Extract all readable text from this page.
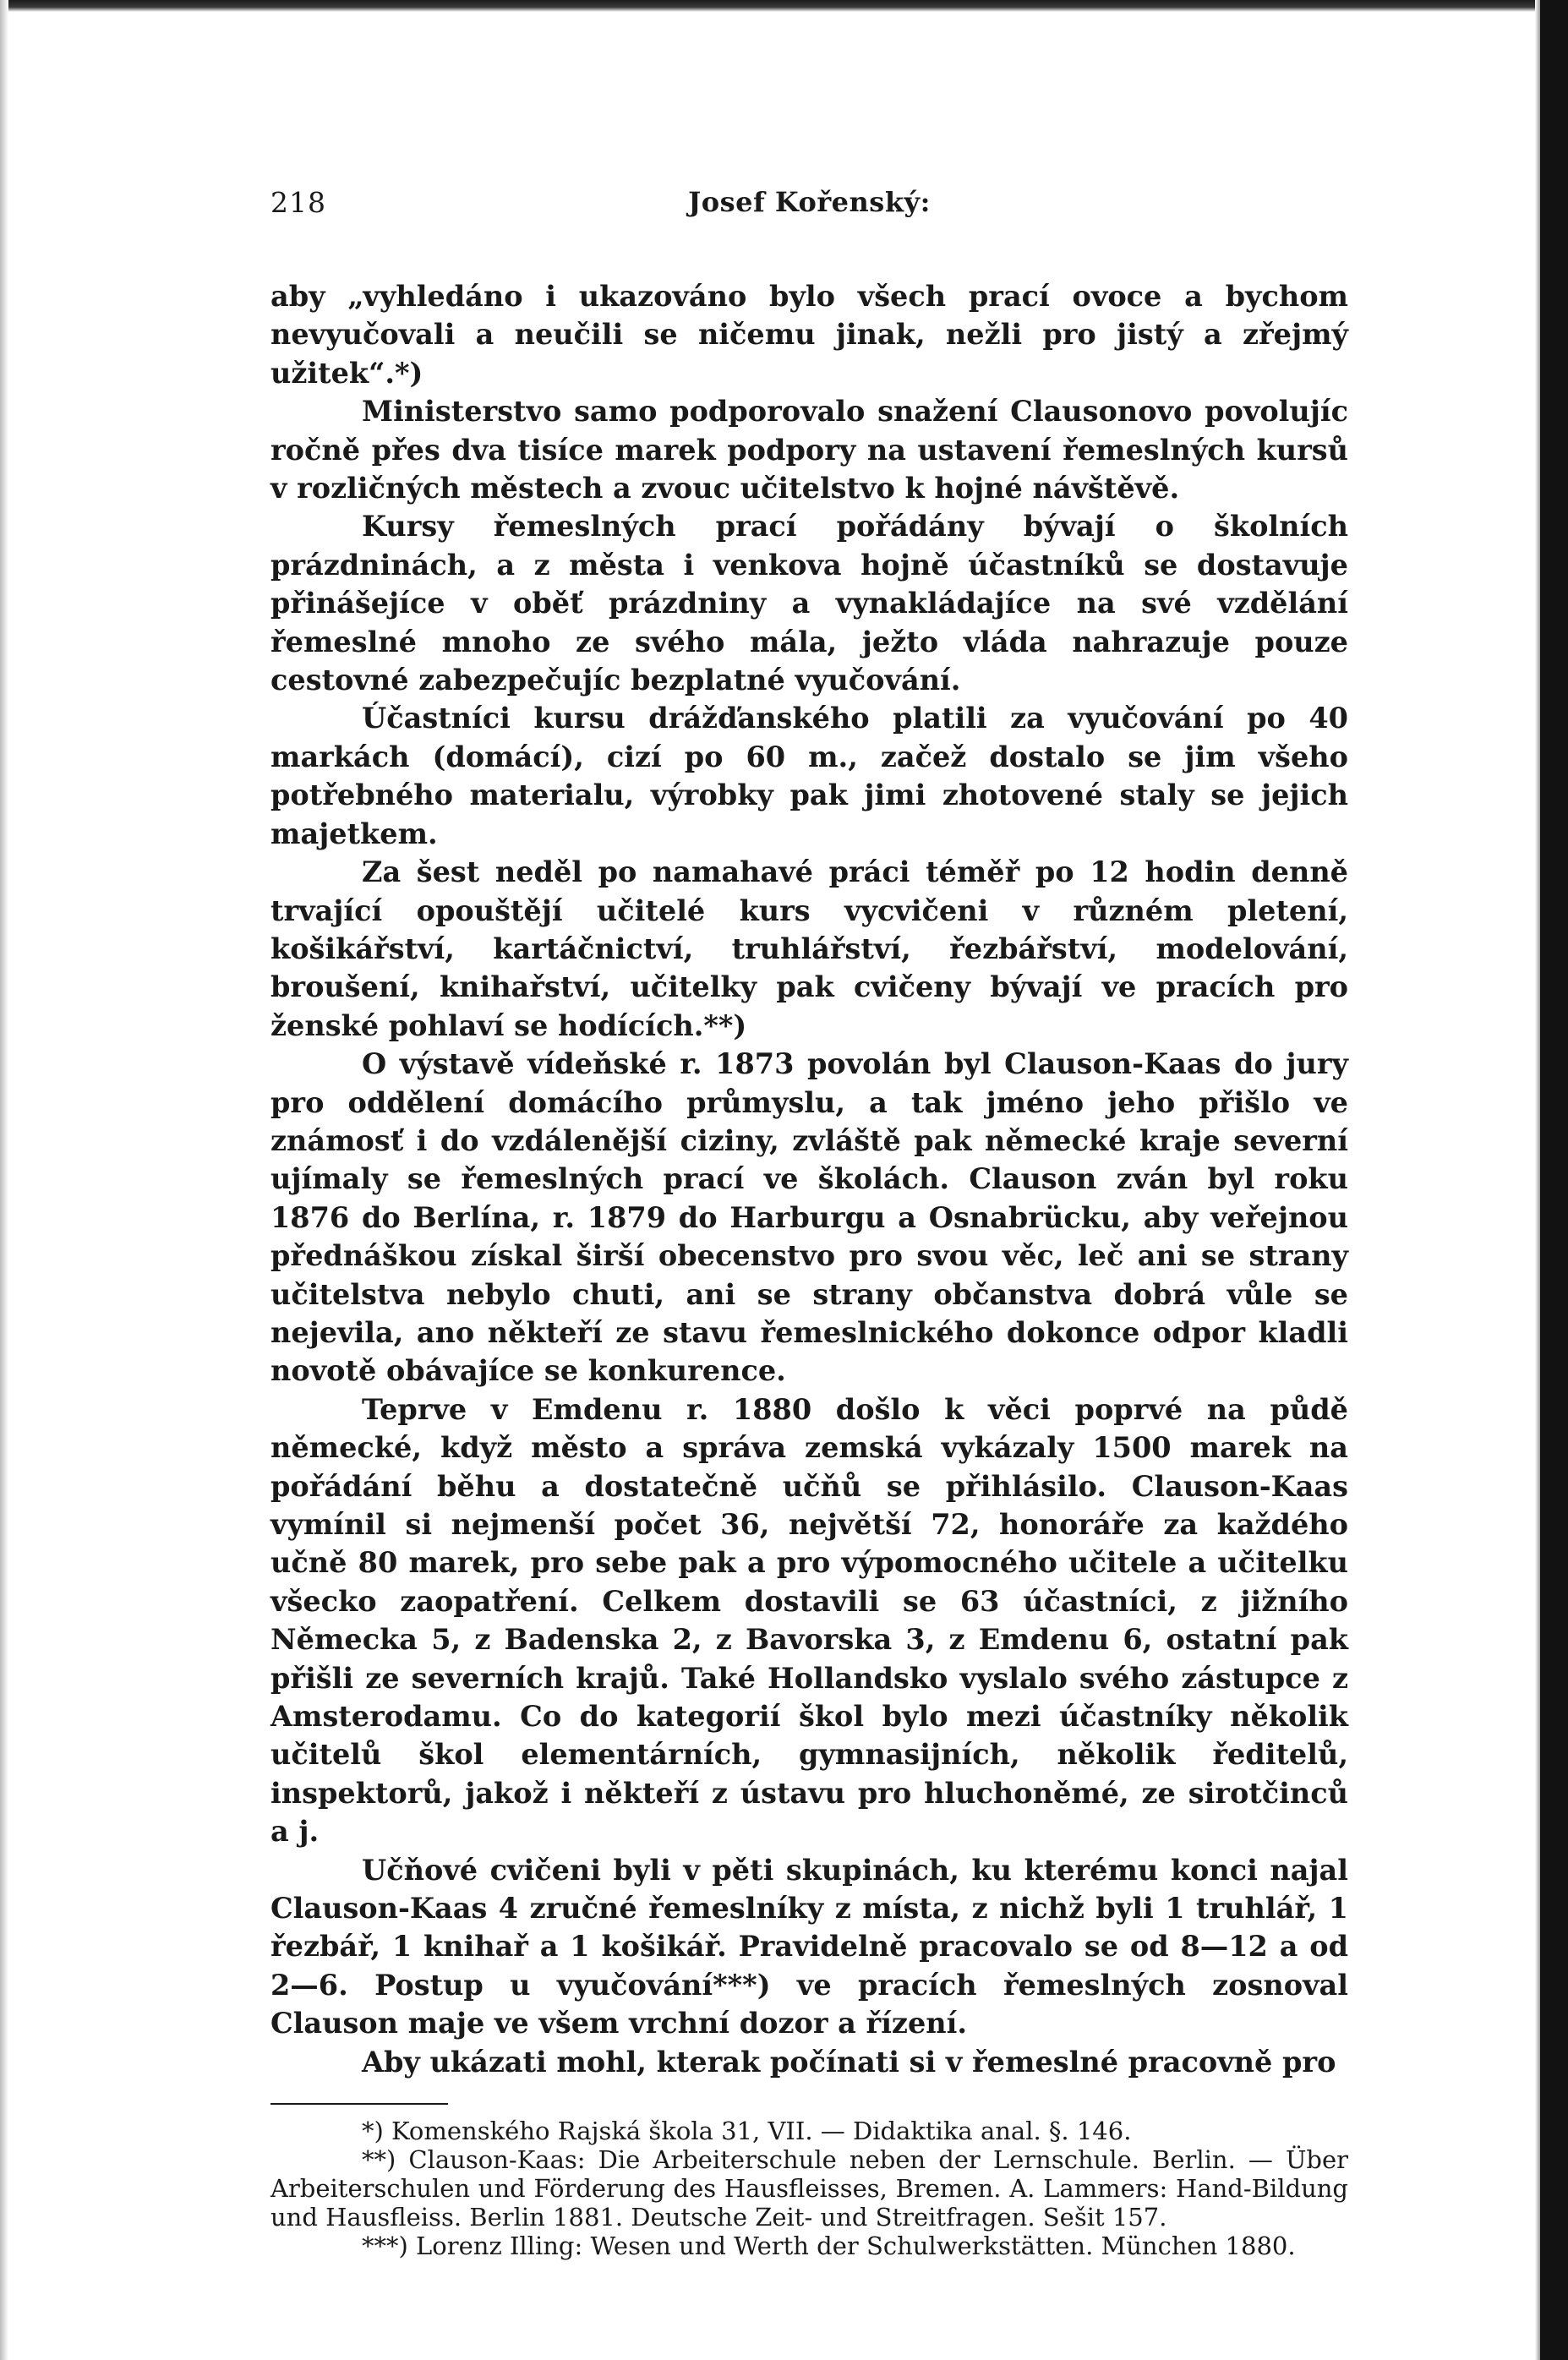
218	Josef Kořenský:

aby „vyhledáno i ukazováno bylo všech prací ovoce a bychom nevyučovali a neučili se ničemu jinak, nežli pro jistý a zřejmý užitek“.*)

Ministerstvo samo podporovalo snažení Clausonovo povolujíc ročně přes dva tisíce marek podpory na ustavení řemeslných kursů v rozličných městech a zvouc učitelstvo k hojné návštěvě.

Kursy řemeslných prací pořádány bývají o školních prázdninách, a z města i venkova hojně účastníků se dostavuje přinášejíce v oběť prázdniny a vynakládajíce na své vzdělání řemeslné mnoho ze svého mála, ježto vláda nahrazuje pouze cestovné zabezpečujíc bezplatné vyučování.

Účastníci kursu drážďanského platili za vyučování po 40 markách (domácí), cizí po 60 m., začež dostalo se jim všeho potřebného materialu, výrobky pak jimi zhotovené staly se jejich majetkem.

Za šest neděl po namahavé práci téměř po 12 hodin denně trvající opouštějí učitelé kurs vycvičeni v různém pletení, košikářství, kartáčnictví, truhlářství, řezbářství, modelování, broušení, knihařství, učitelky pak cvičeny bývají ve pracích pro ženské pohlaví se hodících.**)

O výstavě vídeňské r. 1873 povolán byl Clauson-Kaas do jury pro oddělení domácího průmyslu, a tak jméno jeho přišlo ve známosť i do vzdálenější ciziny, zvláště pak německé kraje severní ujímaly se řemeslných prací ve školách. Clauson zván byl roku 1876 do Berlína, r. 1879 do Harburgu a Osnabrücku, aby veřejnou přednáškou získal širší obecenstvo pro svou věc, leč ani se strany učitelstva nebylo chuti, ani se strany občanstva dobrá vůle se nejevila, ano někteří ze stavu řemeslnického dokonce odpor kladli novotě obávajíce se konkurence.

Teprve v Emdenu r. 1880 došlo k věci poprvé na půdě německé, když město a správa zemská vykázaly 1500 marek na pořádání běhu a dostatečně učňů se přihlásilo. Clauson-Kaas vymínil si nejmenší počet 36, největší 72, honoráře za každého učně 80 marek, pro sebe pak a pro výpomocného učitele a učitelku všecko zaopatření. Celkem dostavili se 63 účastníci, z jižního Německa 5, z Badenska 2, z Bavorska 3, z Emdenu 6, ostatní pak přišli ze severních krajů. Také Hollandsko vyslalo svého zástupce z Amsterodamu. Co do kategorií škol bylo mezi účastníky několik učitelů škol elementárních, gymnasijních, několik ředitelů, inspektorů, jakož i někteří z ústavu pro hluchoněmé, ze sirotčinců a j.

Učňové cvičeni byli v pěti skupinách, ku kterému konci najal Clauson-Kaas 4 zručné řemeslníky z místa, z nichž byli 1 truhlář, 1 řezbář, 1 knihař a 1 košikář. Pravidelně pracovalo se od 8—12 a od 2—6. Postup u vyučování***) ve pracích řemeslných zosnoval Clauson maje ve všem vrchní dozor a řízení.

Aby ukázati mohl, kterak počínati si v řemeslné pracovně pro

*) Komenského Rajská škola 31, VII. — Didaktika anal. §. 146.

**) Clauson-Kaas: Die Arbeiterschule neben der Lernschule. Berlin. — Über Arbeiterschulen und Förderung des Hausfleisses, Bremen. A. Lammers: Hand-Bildung und Hausfleiss. Berlin 1881. Deutsche Zeit- und Streitfragen. Sešit 157.

***) Lorenz Illing: Wesen und Werth der Schulwerkstätten. München 1880.
